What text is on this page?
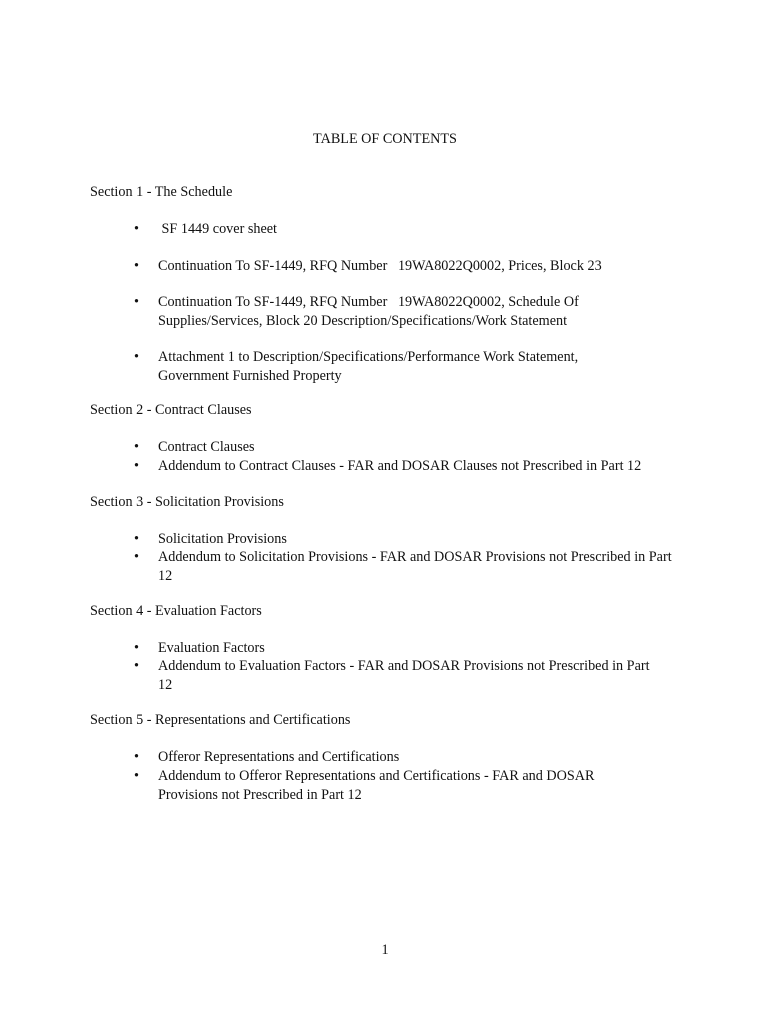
TABLE OF CONTENTS
Section 1 - The Schedule
•  SF 1449 cover sheet
• Continuation To SF-1449, RFQ Number   19WA8022Q0002, Prices, Block 23
• Continuation To SF-1449, RFQ Number   19WA8022Q0002, Schedule Of Supplies/Services, Block 20 Description/Specifications/Work Statement
• Attachment 1 to Description/Specifications/Performance Work Statement, Government Furnished Property
Section 2 - Contract Clauses
• Contract Clauses
• Addendum to Contract Clauses - FAR and DOSAR Clauses not Prescribed in Part 12
Section 3 - Solicitation Provisions
• Solicitation Provisions
• Addendum to Solicitation Provisions - FAR and DOSAR Provisions not Prescribed in Part 12
Section 4 - Evaluation Factors
• Evaluation Factors
• Addendum to Evaluation Factors - FAR and DOSAR Provisions not Prescribed in Part 12
Section 5 - Representations and Certifications
• Offeror Representations and Certifications
• Addendum to Offeror Representations and Certifications - FAR and DOSAR Provisions not Prescribed in Part 12
1
